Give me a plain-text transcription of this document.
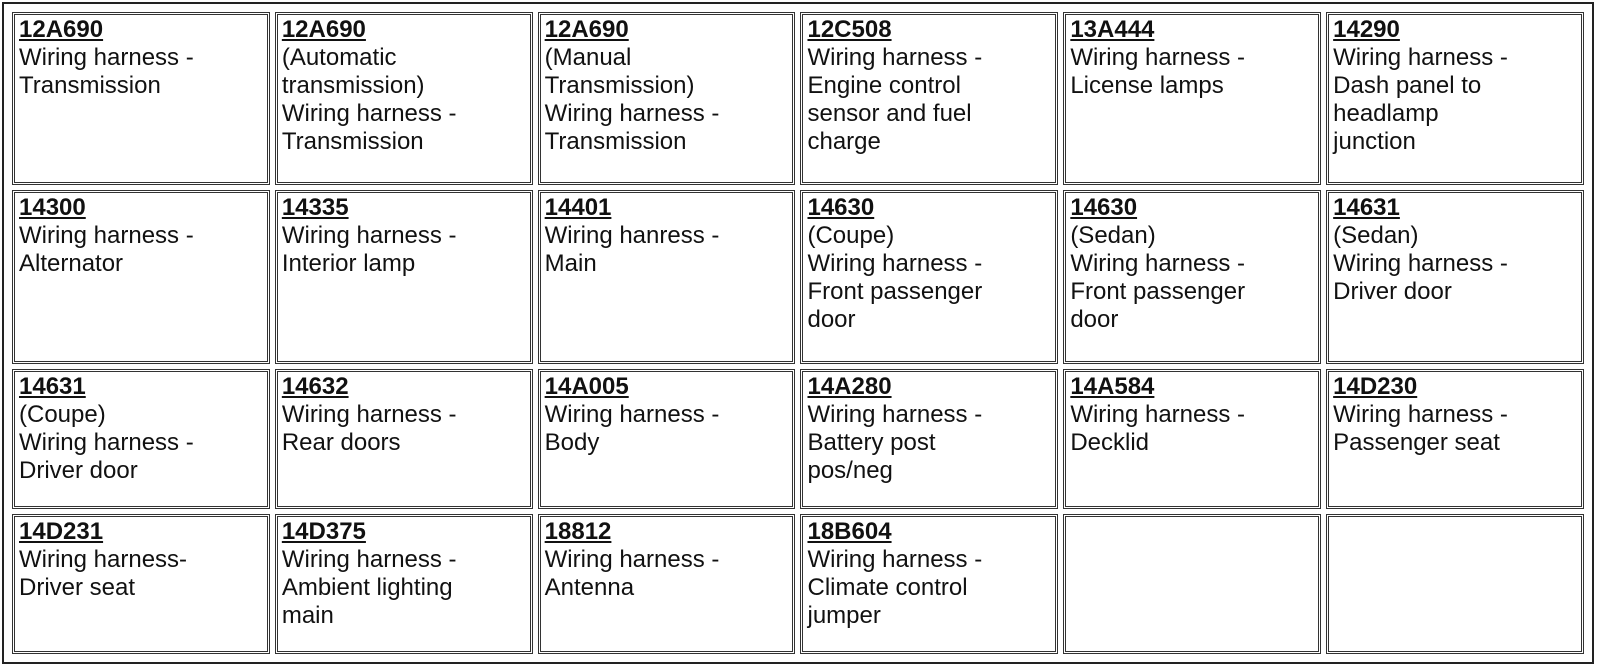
12A690
Wiring harness -
Transmission	12A690
(Automatic
transmission)
Wiring harness -
Transmission	12A690
(Manual
Transmission)
Wiring harness -
Transmission	12C508
Wiring harness -
Engine control
sensor and fuel
charge	13A444
Wiring harness -
License lamps	14290
Wiring harness -
Dash panel to
headlamp
junction

14300
Wiring harness -
Alternator	14335
Wiring harness -
Interior lamp	14401
Wiring hanress -
Main	14630
(Coupe)
Wiring harness -
Front passenger
door	14630
(Sedan)
Wiring harness -
Front passenger
door	14631
(Sedan)
Wiring harness -
Driver door

14631
(Coupe)
Wiring harness -
Driver door	14632
Wiring harness -
Rear doors	14A005
Wiring harness -
Body	14A280
Wiring harness -
Battery post
pos/neg	14A584
Wiring harness -
Decklid	14D230
Wiring harness -
Passenger seat

14D231
Wiring harness-
Driver seat	14D375
Wiring harness -
Ambient lighting
main	18812
Wiring harness -
Antenna	18B604
Wiring harness -
Climate control
jumper		
